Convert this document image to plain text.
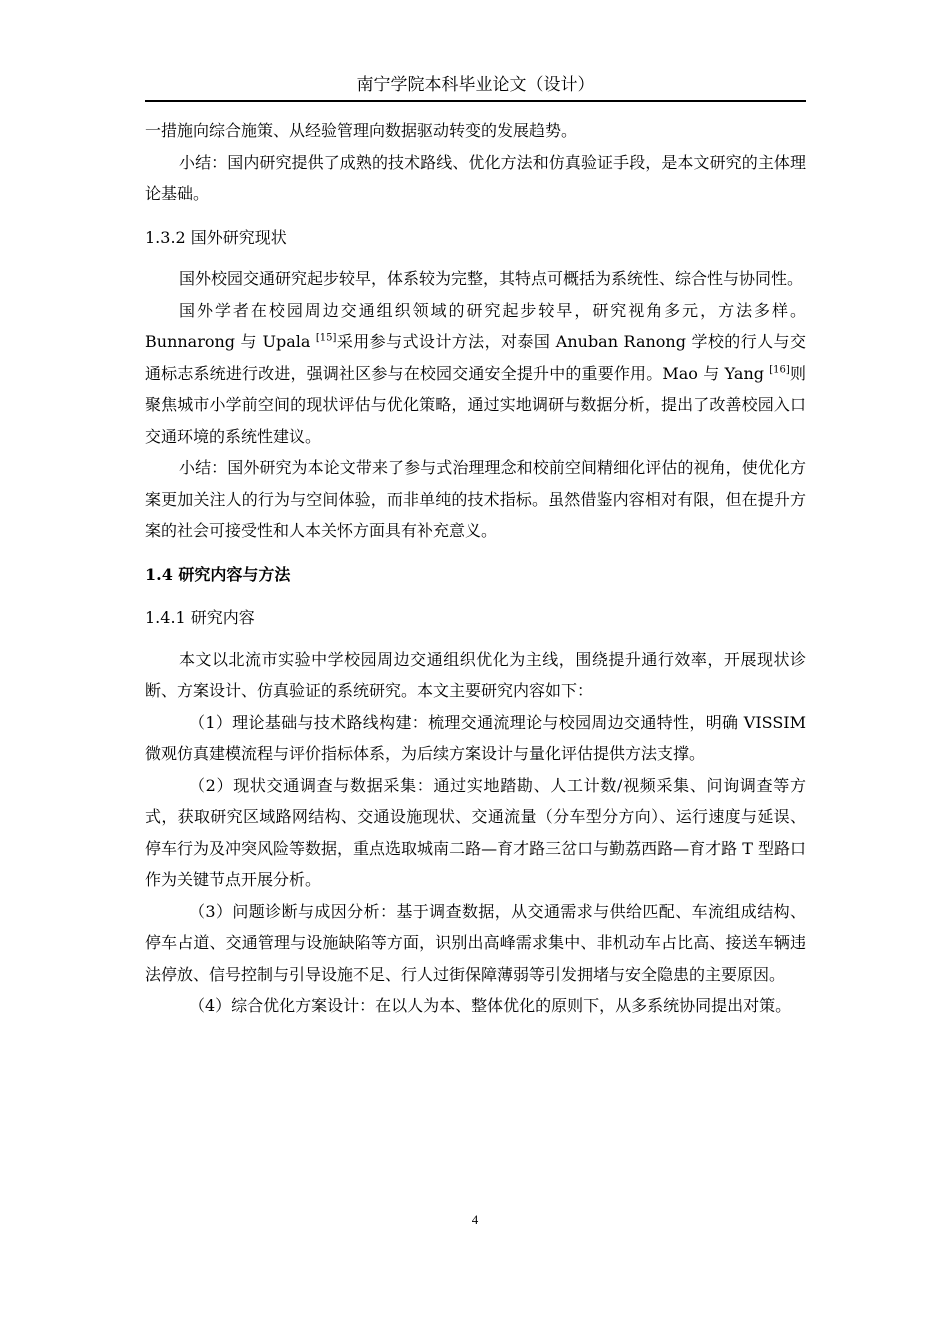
南宁学院本科毕业论文（设计）

一措施向综合施策、从经验管理向数据驱动转变的发展趋势。

小结：国内研究提供了成熟的技术路线、优化方法和仿真验证手段，是本文研究的主体理论基础。

1.3.2 国外研究现状

国外校园交通研究起步较早，体系较为完整，其特点可概括为系统性、综合性与协同性。

国外学者在校园周边交通组织领域的研究起步较早，研究视角多元，方法多样。Bunnarong 与 Upala [15]采用参与式设计方法，对泰国 Anuban Ranong 学校的行人与交通标志系统进行改进，强调社区参与在校园交通安全提升中的重要作用。Mao 与 Yang [16]则聚焦城市小学前空间的现状评估与优化策略，通过实地调研与数据分析，提出了改善校园入口交通环境的系统性建议。

小结：国外研究为本论文带来了参与式治理理念和校前空间精细化评估的视角，使优化方案更加关注人的行为与空间体验，而非单纯的技术指标。虽然借鉴内容相对有限，但在提升方案的社会可接受性和人本关怀方面具有补充意义。

1.4 研究内容与方法

1.4.1 研究内容

本文以北流市实验中学校园周边交通组织优化为主线，围绕提升通行效率，开展现状诊断、方案设计、仿真验证的系统研究。本文主要研究内容如下：

（1）理论基础与技术路线构建：梳理交通流理论与校园周边交通特性，明确 VISSIM 微观仿真建模流程与评价指标体系，为后续方案设计与量化评估提供方法支撑。

（2）现状交通调查与数据采集：通过实地踏勘、人工计数/视频采集、问询调查等方式，获取研究区域路网结构、交通设施现状、交通流量（分车型分方向）、运行速度与延误、停车行为及冲突风险等数据，重点选取城南二路—育才路三岔口与勤荔西路—育才路 T 型路口作为关键节点开展分析。

（3）问题诊断与成因分析：基于调查数据，从交通需求与供给匹配、车流组成结构、停车占道、交通管理与设施缺陷等方面，识别出高峰需求集中、非机动车占比高、接送车辆违法停放、信号控制与引导设施不足、行人过街保障薄弱等引发拥堵与安全隐患的主要原因。

（4）综合优化方案设计：在以人为本、整体优化的原则下，从多系统协同提出对策。

4
